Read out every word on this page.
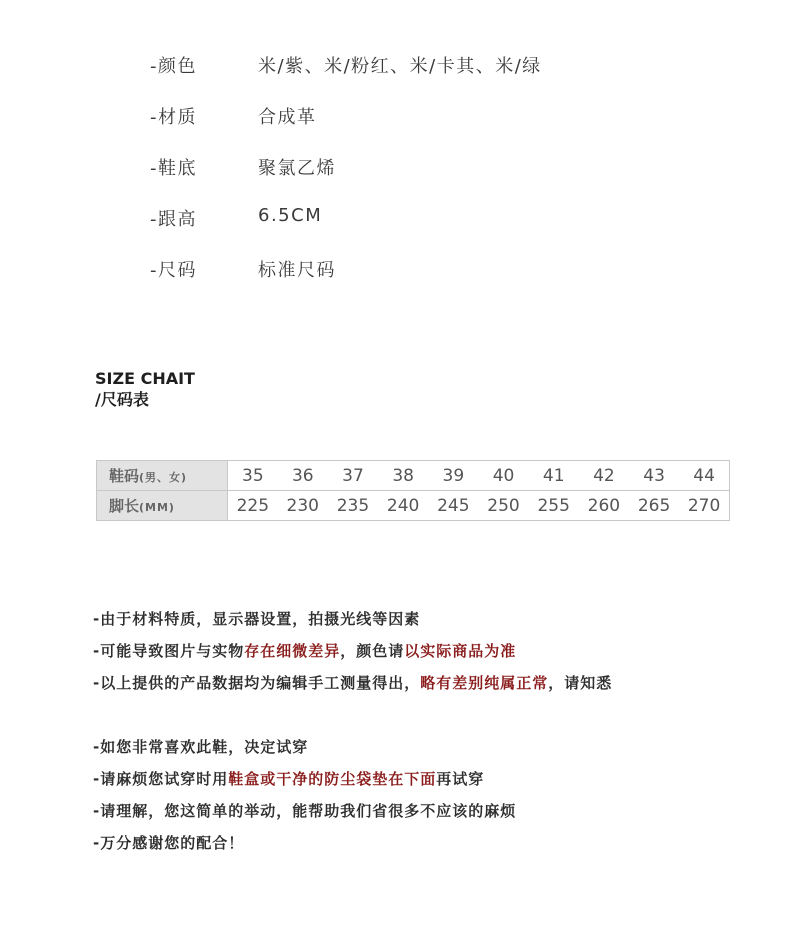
-颜色	米/紫、米/粉红、米/卡其、米/绿
-材质	合成革
-鞋底	聚氯乙烯
-跟高	6.5CM
-尺码	标准尺码
SIZE CHAIT
/尺码表
鞋码(男、女)	35	36	37	38	39	40	41	42	43	44
脚长(MM)	225	230	235	240	245	250	255	260	265	270
-由于材料特质，显示器设置，拍摄光线等因素
-可能导致图片与实物存在细微差异，颜色请以实际商品为准
-以上提供的产品数据均为编辑手工测量得出，略有差别纯属正常，请知悉
-如您非常喜欢此鞋，决定试穿
-请麻烦您试穿时用鞋盒或干净的防尘袋垫在下面再试穿
-请理解，您这简单的举动，能帮助我们省很多不应该的麻烦
-万分感谢您的配合！
